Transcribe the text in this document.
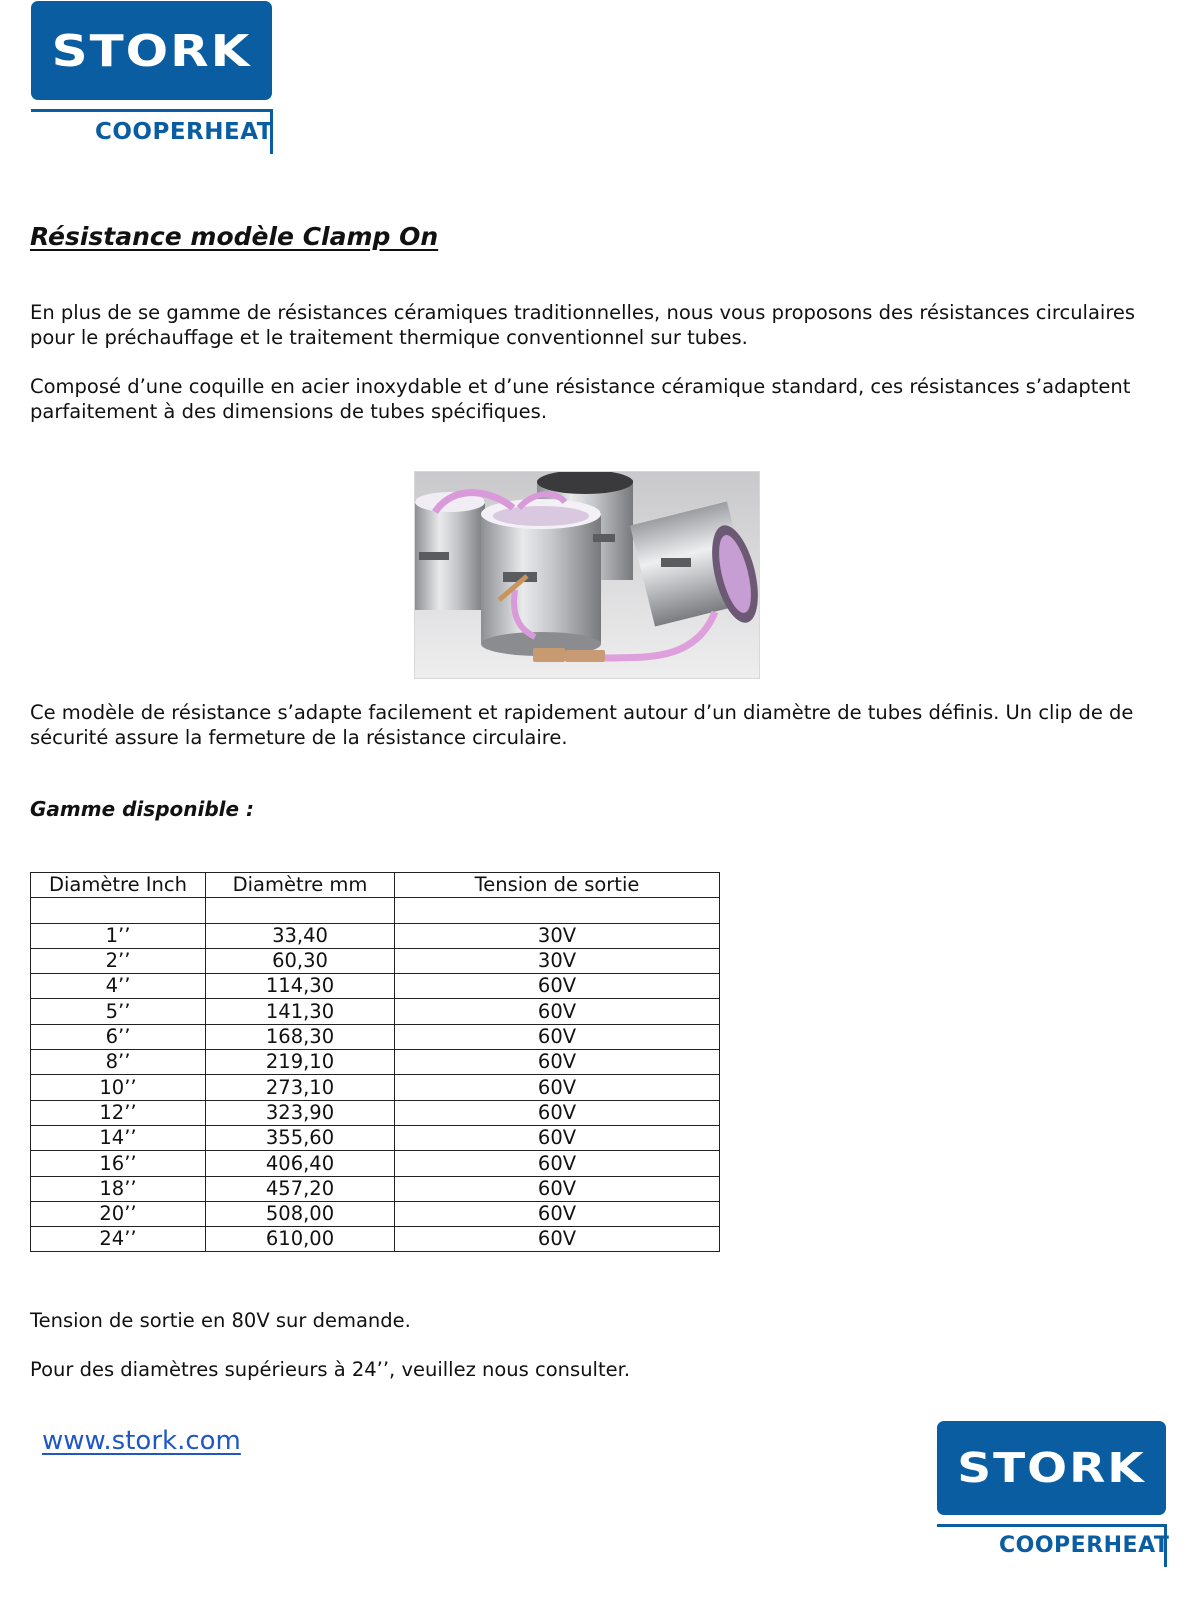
STORK
COOPERHEAT
Résistance modèle Clamp On
En plus de se gamme de résistances céramiques traditionnelles, nous vous proposons des résistances circulaires pour le préchauffage et le traitement thermique conventionnel sur tubes.
Composé d’une coquille en acier inoxydable et d’une résistance céramique standard, ces résistances s’adaptent parfaitement à des dimensions de tubes spécifiques.
Ce modèle de résistance s’adapte facilement et rapidement autour d’un diamètre de tubes définis. Un clip de de sécurité assure la fermeture de la résistance circulaire.
Gamme disponible :
Diamètre Inch	Diamètre mm	Tension de sortie

1’’	33,40	30V
2’’	60,30	30V
4’’	114,30	60V
5’’	141,30	60V
6’’	168,30	60V
8’’	219,10	60V
10’’	273,10	60V
12’’	323,90	60V
14’’	355,60	60V
16’’	406,40	60V
18’’	457,20	60V
20’’	508,00	60V
24’’	610,00	60V
Tension de sortie en 80V sur demande.
Pour des diamètres supérieurs à 24’’, veuillez nous consulter.
www.stork.com
STORK
COOPERHEAT
